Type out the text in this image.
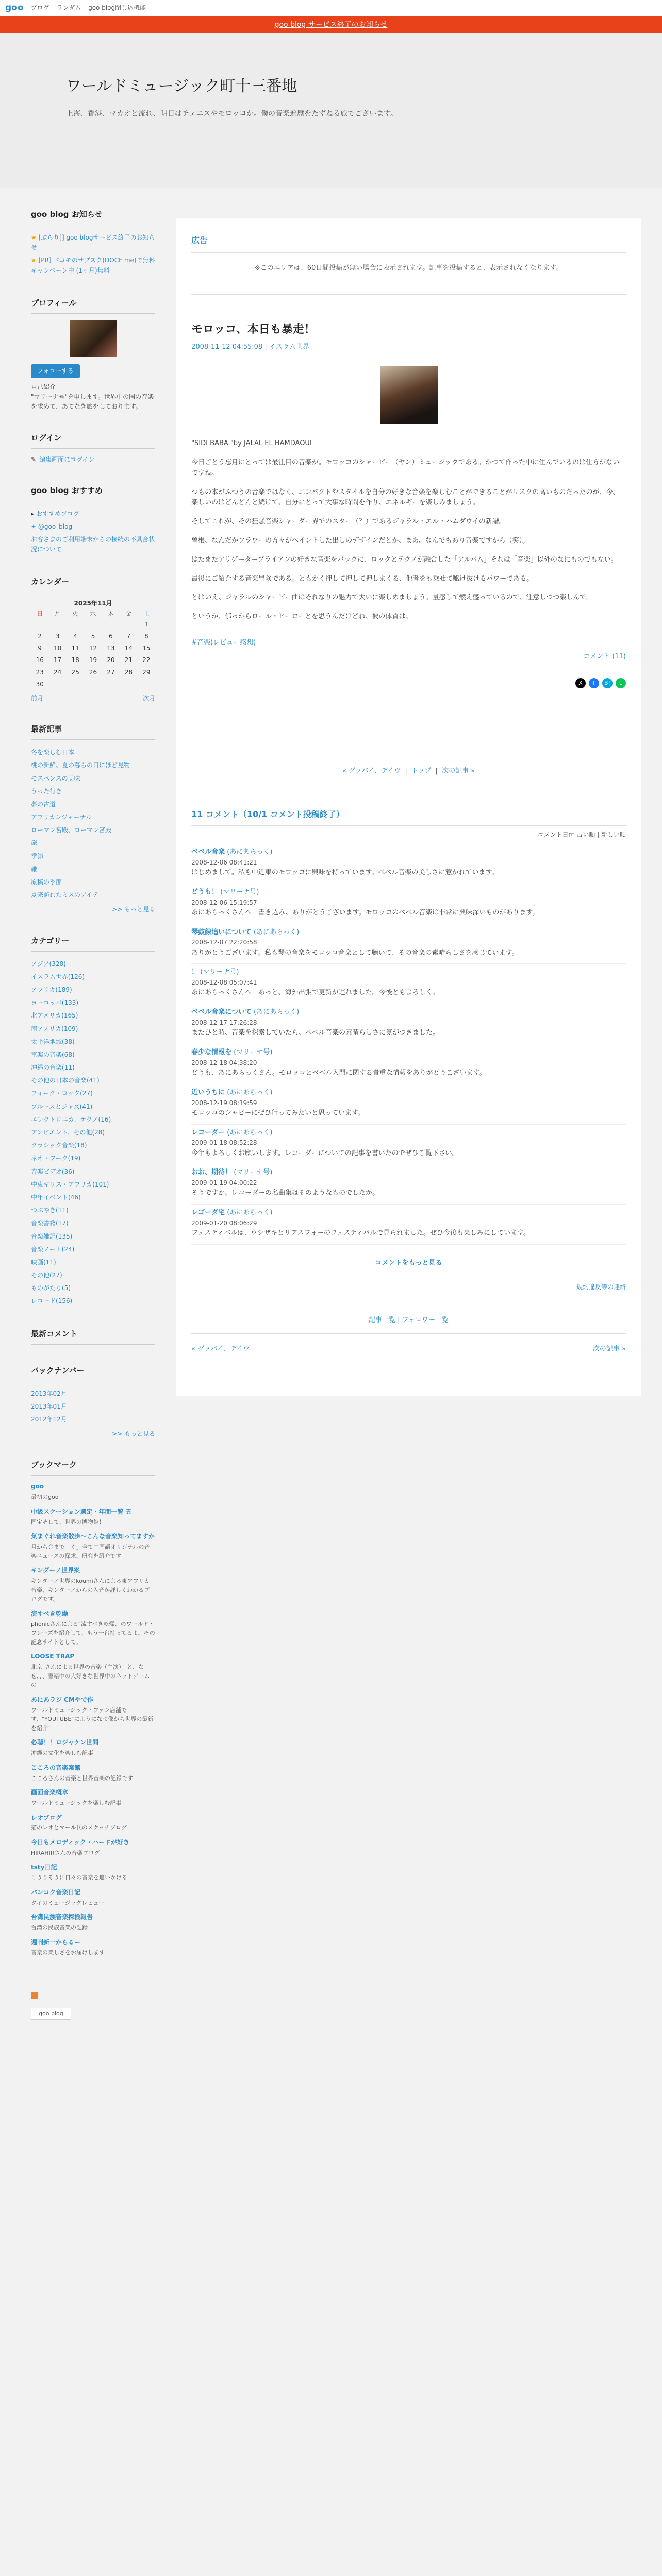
goo ブログ ランダム goo blog閉じ込機能
goo blog サービス終了のお知らせ
ワールドミュージック町十三番地

上海、香港、マカオと流れ、明日はチェニスやモロッコか。僕の音楽遍歴をたずねる旅でございます。

goo blog お知らせ
★ [ぶらり]] goo blogサービス終了のお知らせ
★ [PR] ドコモのサブスク(DOCF me)で無料キャンペーン中 (1ヶ月)無料
プロフィール
フォローする
自己紹介

"マリーナ号"を申します。世界中の国の音楽を求めて、あてなき旅をしております。

ログイン
✎ 編集画面にログイン
goo blog おすすめ
▸ おすすめブログ
✦ @goo_blog
お客さまのご利用端末からの接続の不具合状況について
カレンダー
2025年11月
日	月	火	水	木	金	土
						1
2	3	4	5	6	7	8
9	10	11	12	13	14	15
16	17	18	19	20	21	22
23	24	25	26	27	28	29
30						
前月	次月
最新記事
冬を楽しむ日本
桃の新鮮、夏の暮らの日にほど見物
モスペンスの美味
うった行き
夢の古道
アフリカンジャーナル
ローマン宮殿、ローマン宮殿
旅
季節
雑
原稿の季節
夏来訪れたミスのアイテ
>> もっと見る
カテゴリー
アジア(328)
イスラム世界(126)
アフリカ(189)
ヨーロッパ(133)
北アメリカ(165)
南アメリカ(109)
太平洋地域(38)
電楽の音楽(68)
沖縄の音楽(11)
その他の日本の音楽(41)
フォーク・ロック(27)
ブルースとジャズ(41)
エレクトロニカ、テクノ(16)
アンビエント、その他(28)
クラシック音楽(18)
ネオ・フーク(19)
音楽ビデオ(36)
中東ギリス・アフリカ(101)
中年イベント(46)
つぶやき(11)
音楽書籍(17)
音楽雑記(135)
音楽ノート(24)
映画(11)
その他(27)
ものがたり(5)
レコード(156)
最新コメント
バックナンバー
2013年02月
2013年01月
2012年12月
>> もっと見る
ブックマーク
goo

最初のgoo

中級スケーション選定・年間一覧 五

国宝そして、世界の博物館！！

気まぐれ音楽散歩～こんな音楽知ってますか

月から金まで「ぐ」全て中国語オリジナルの音楽ニュースの探求、研究を紹介です

キンダーノ世界案

キンダーノ世界のkoumiさんによる東アフリカ音楽、キンダーノからの入音が詳しくわかるブログです。

流すべき乾燥

phonicさんによる"流すべき乾燥、のワールド・フレーズを紹介して、もう一台持ってるよ。その記念サイトとして。

LOOSE TRAP

北京"さんによる世界の音楽（主演）"と、なぜ、、、書籍中の大好きな世界中のネットゲームの

あにあラジ CMやで作

ワールドミュージック・ファン店舗です、"YOUTUBE"にようにな映像から世界の最新を紹介！

必聴！！ロジャケン世間

沖縄の文化を楽しむ記事

こころの音楽案館

こころさんの音楽と世界音楽の記録です

画面音楽概章

ワールドミュージックを楽しむ記事

レオブログ

猫のレオとマール氏のスケッチブログ

今日もメロディック・ハードが好き

HIRAHIRさんの音楽ブログ

tsty日記

こうりそうに日々の音楽を追いかける

バンコク音楽日記

タイのミュージックレビュー

台湾民族音楽探検報告

台湾の民族音楽の記録

週刊新一からるー

音楽の楽しさをお届けします

広告
※このエリアは、60日間投稿が無い場合に表示されます。記事を投稿すると、表示されなくなります。
モロッコ、本日も暴走！
2008-11-12 04:55:08 | イスラム世界

"SIDI BABA "by JALAL EL HAMDAOUI

今日ごとう忘月にとっては最注目の音楽が。モロッコのシャービー（ヤン）ミュージックである。かつて作った中に住んでいるのは仕方がないですね。

つもの本がふつうの音楽ではなく、エンパクトやスタイルを自分の好きな音楽を楽しむことができることがリスクの高いものだったのが、今、楽しいのはどんどんと続けて、自分にとって大事な時間を作り、エネルギーを楽しみましょう。

そしてこれが、その狂騒音楽シャーダー界でのスター（？）であるジャラル・エル・ハムダウイの新譜。

曽根、なんだかフラワーの方々がペイントした出しのデザインだとか、まあ、なんでもあり音楽ですから（笑）。

はたまたアリゲーターブライアンの好きな音楽をバックに、ロックとテクノが融合した「アルバム」それは「音楽」以外のなにものでもない。

最後にご紹介する音楽冒険である。ともかく押して押して押しまくる、他者をも乗せて駆け抜けるパワーである。

とはいえ、ジャラルのシャービー曲はそれなりの魅力で大いに楽しめましょう。量感して燃え盛っているので、注意しつつ楽しんで。

というか、郁っからロール・ヒーローとを思うんだけどね、彼の体質は。

#音楽(レビュー感想)
コメント (11)
X	f	B!	L
« グッバイ、デイヴ | トップ | 次の記事 »
11 コメント（10/1 コメント投稿終了）
コメント日付 古い順 | 新しい順
ベベル音楽 (あにあらっく)
2008-12-06 08:41:21
はじめまして。私も中近東のモロッコに興味を持っています。ベベル音楽の美しさに惹かれています。
どうも！ (マリーナ号)
2008-12-06 15:19:57
あにあらっくさんへ　書き込み、ありがとうございます。モロッコのベベル音楽は非常に興味深いものがあります。
琴鼓線追いについて (あにあらっく)
2008-12-07 22:20:58
ありがとうございます。私も琴の音楽をモロッコ音楽として聴いて、その音楽の素晴らしさを感じています。
！ (マリーナ号)
2008-12-08 05:07:41
あにあらっくさんへ　あっと、海外出張で更新が遅れました。今後ともよろしく。
ベベル音楽について (あにあらっく)
2008-12-17 17:26:28
またひと時、音楽を探索していたら、ベベル音楽の素晴らしさに気がつきました。
春少な情報を (マリーナ号)
2008-12-18 04:38:20
どうも、あにあらっくさん。モロッコとベベル入門に関する貴重な情報をありがとうございます。
近いうちに (あにあらっく)
2008-12-19 08:19:59
モロッコのシャビーにぜひ行ってみたいと思っています。
レコーダー (あにあらっく)
2009-01-18 08:52:28
今年もよろしくお願いします。レコーダーについての記事を書いたのでぜひご覧下さい。
おお、期待！ (マリーナ号)
2009-01-19 04:00:22
そうですか。レコーダーの名曲集はそのようなものでしたか。
レゴーダ宅 (あにあらっく)
2009-01-20 08:06:29
フェスティバルは、ウシザキとリアスフォーのフェスティバルで見られました。ぜひ今後も楽しみにしています。
コメントをもっと見る
規約違反等の連絡
記事一覧 | フォロワー一覧
« グッバイ、デイヴ	次の記事 »

goo blog
